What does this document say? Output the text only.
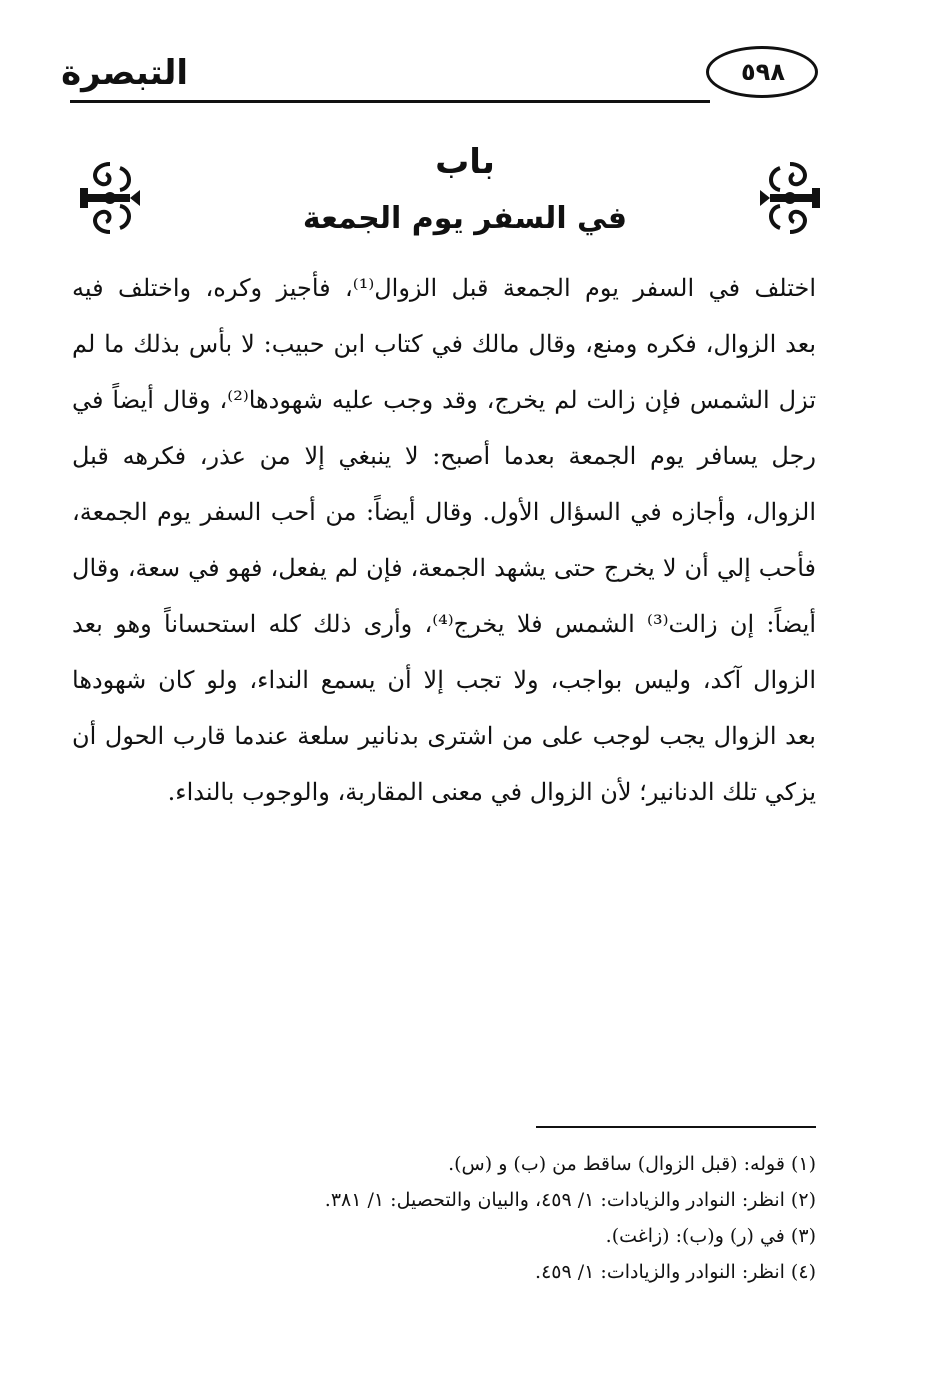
التبصرة	٥٩٨
باب
في السفر يوم الجمعة
اختلف في السفر يوم الجمعة قبل الزوال⁽¹⁾، فأجيز وكره، واختلف فيه
بعد الزوال، فكره ومنع، وقال مالك في كتاب ابن حبيب: لا بأس بذلك ما لم
تزل الشمس فإن زالت لم يخرج، وقد وجب عليه شهودها⁽²⁾، وقال أيضاً في
رجل يسافر يوم الجمعة بعدما أصبح: لا ينبغي إلا من عذر، فكرهه قبل
الزوال، وأجازه في السؤال الأول. وقال أيضاً: من أحب السفر يوم الجمعة،
فأحب إلي أن لا يخرج حتى يشهد الجمعة، فإن لم يفعل، فهو في سعة، وقال
أيضاً: إن زالت⁽³⁾ الشمس فلا يخرج⁽⁴⁾، وأرى ذلك كله استحساناً وهو بعد
الزوال آكد، وليس بواجب، ولا تجب إلا أن يسمع النداء، ولو كان شهودها
بعد الزوال يجب لوجب على من اشترى بدنانير سلعة عندما قارب الحول أن
يزكي تلك الدنانير؛ لأن الزوال في معنى المقاربة، والوجوب بالنداء.
(١) قوله: (قبل الزوال) ساقط من (ب) و (س).
(٢) انظر: النوادر والزيادات: ١/ ٤٥٩، والبيان والتحصيل: ١/ ٣٨١.
(٣) في (ر) و(ب): (زاغت).
(٤) انظر: النوادر والزيادات: ١/ ٤٥٩.
